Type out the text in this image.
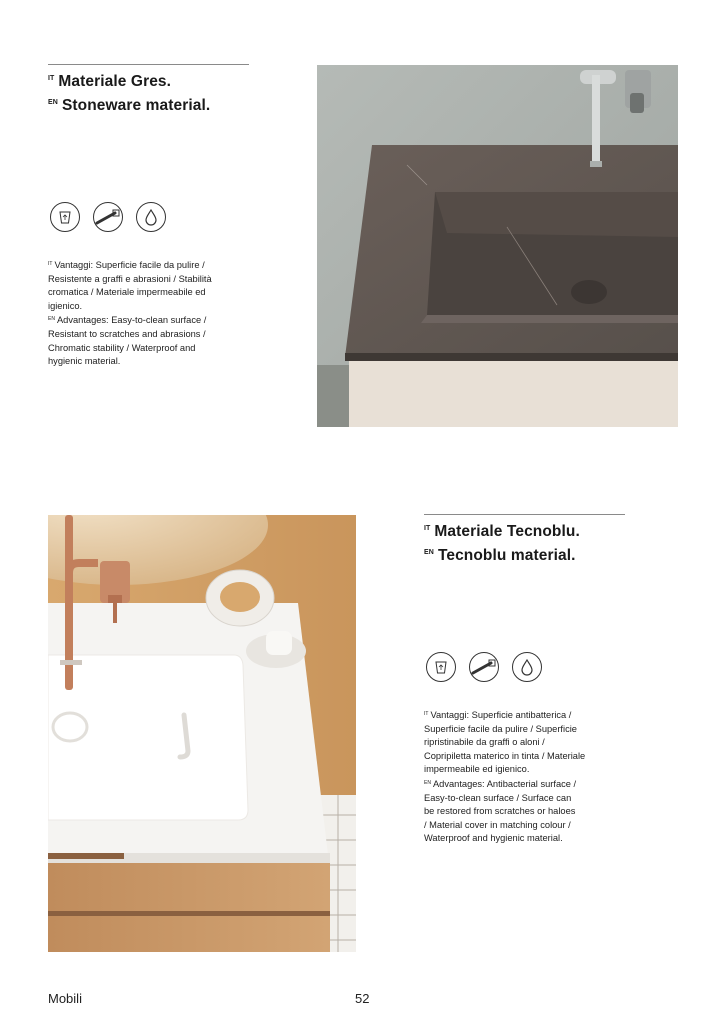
$^{IT}$ Materiale Gres.
$^{EN}$ Stoneware material.
$^{IT}$ Vantaggi: Superficie facile da pulire /
Resistente a graffi e abrasioni / Stabilità
cromatica / Materiale impermeabile ed
igienico.
$^{EN}$ Advantages: Easy-to-clean surface /
Resistant to scratches and abrasions /
Chromatic stability / Waterproof and
hygienic material.
$^{IT}$ Materiale Tecnoblu.
$^{EN}$ Tecnoblu material.
$^{IT}$ Vantaggi: Superficie antibatterica /
Superficie facile da pulire / Superficie
ripristinabile da graffi o aloni /
Copripiletta materico in tinta / Materiale
impermeabile ed igienico.
$^{EN}$ Advantages: Antibacterial surface /
Easy-to-clean surface / Surface can
be restored from scratches or haloes
/ Material cover in matching colour /
Waterproof and hygienic material.
Mobili	52
